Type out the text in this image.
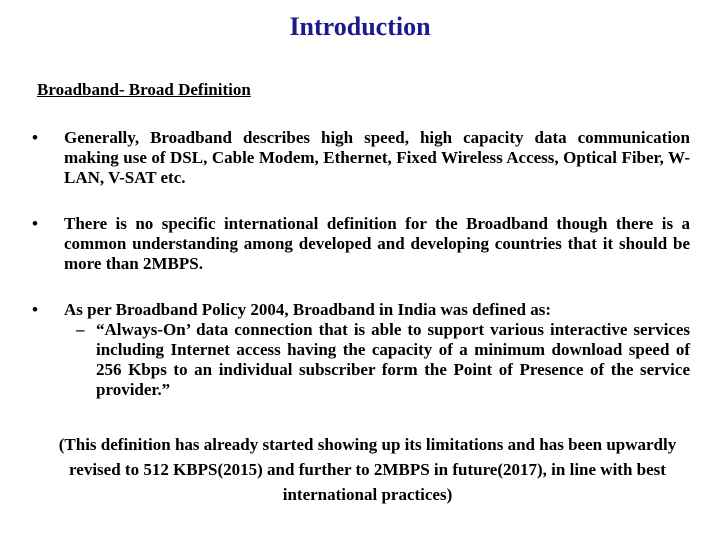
Introduction
Broadband- Broad Definition
• Generally, Broadband describes high speed, high capacity data communication making use of DSL, Cable Modem, Ethernet, Fixed Wireless Access, Optical Fiber, W-LAN, V-SAT etc.
• There is no specific international definition for the Broadband though there is a common understanding among developed and developing countries that it should be more than 2MBPS.
• As per Broadband Policy 2004, Broadband in India was defined as:
– “Always-On’ data connection that is able to support various interactive services including Internet access having the capacity of a minimum download speed of 256 Kbps to an individual subscriber form the Point of Presence of the service provider.”
(This definition has already started showing up its limitations and has been upwardly revised to 512 KBPS(2015) and further to 2MBPS in future(2017), in line with best international practices)
